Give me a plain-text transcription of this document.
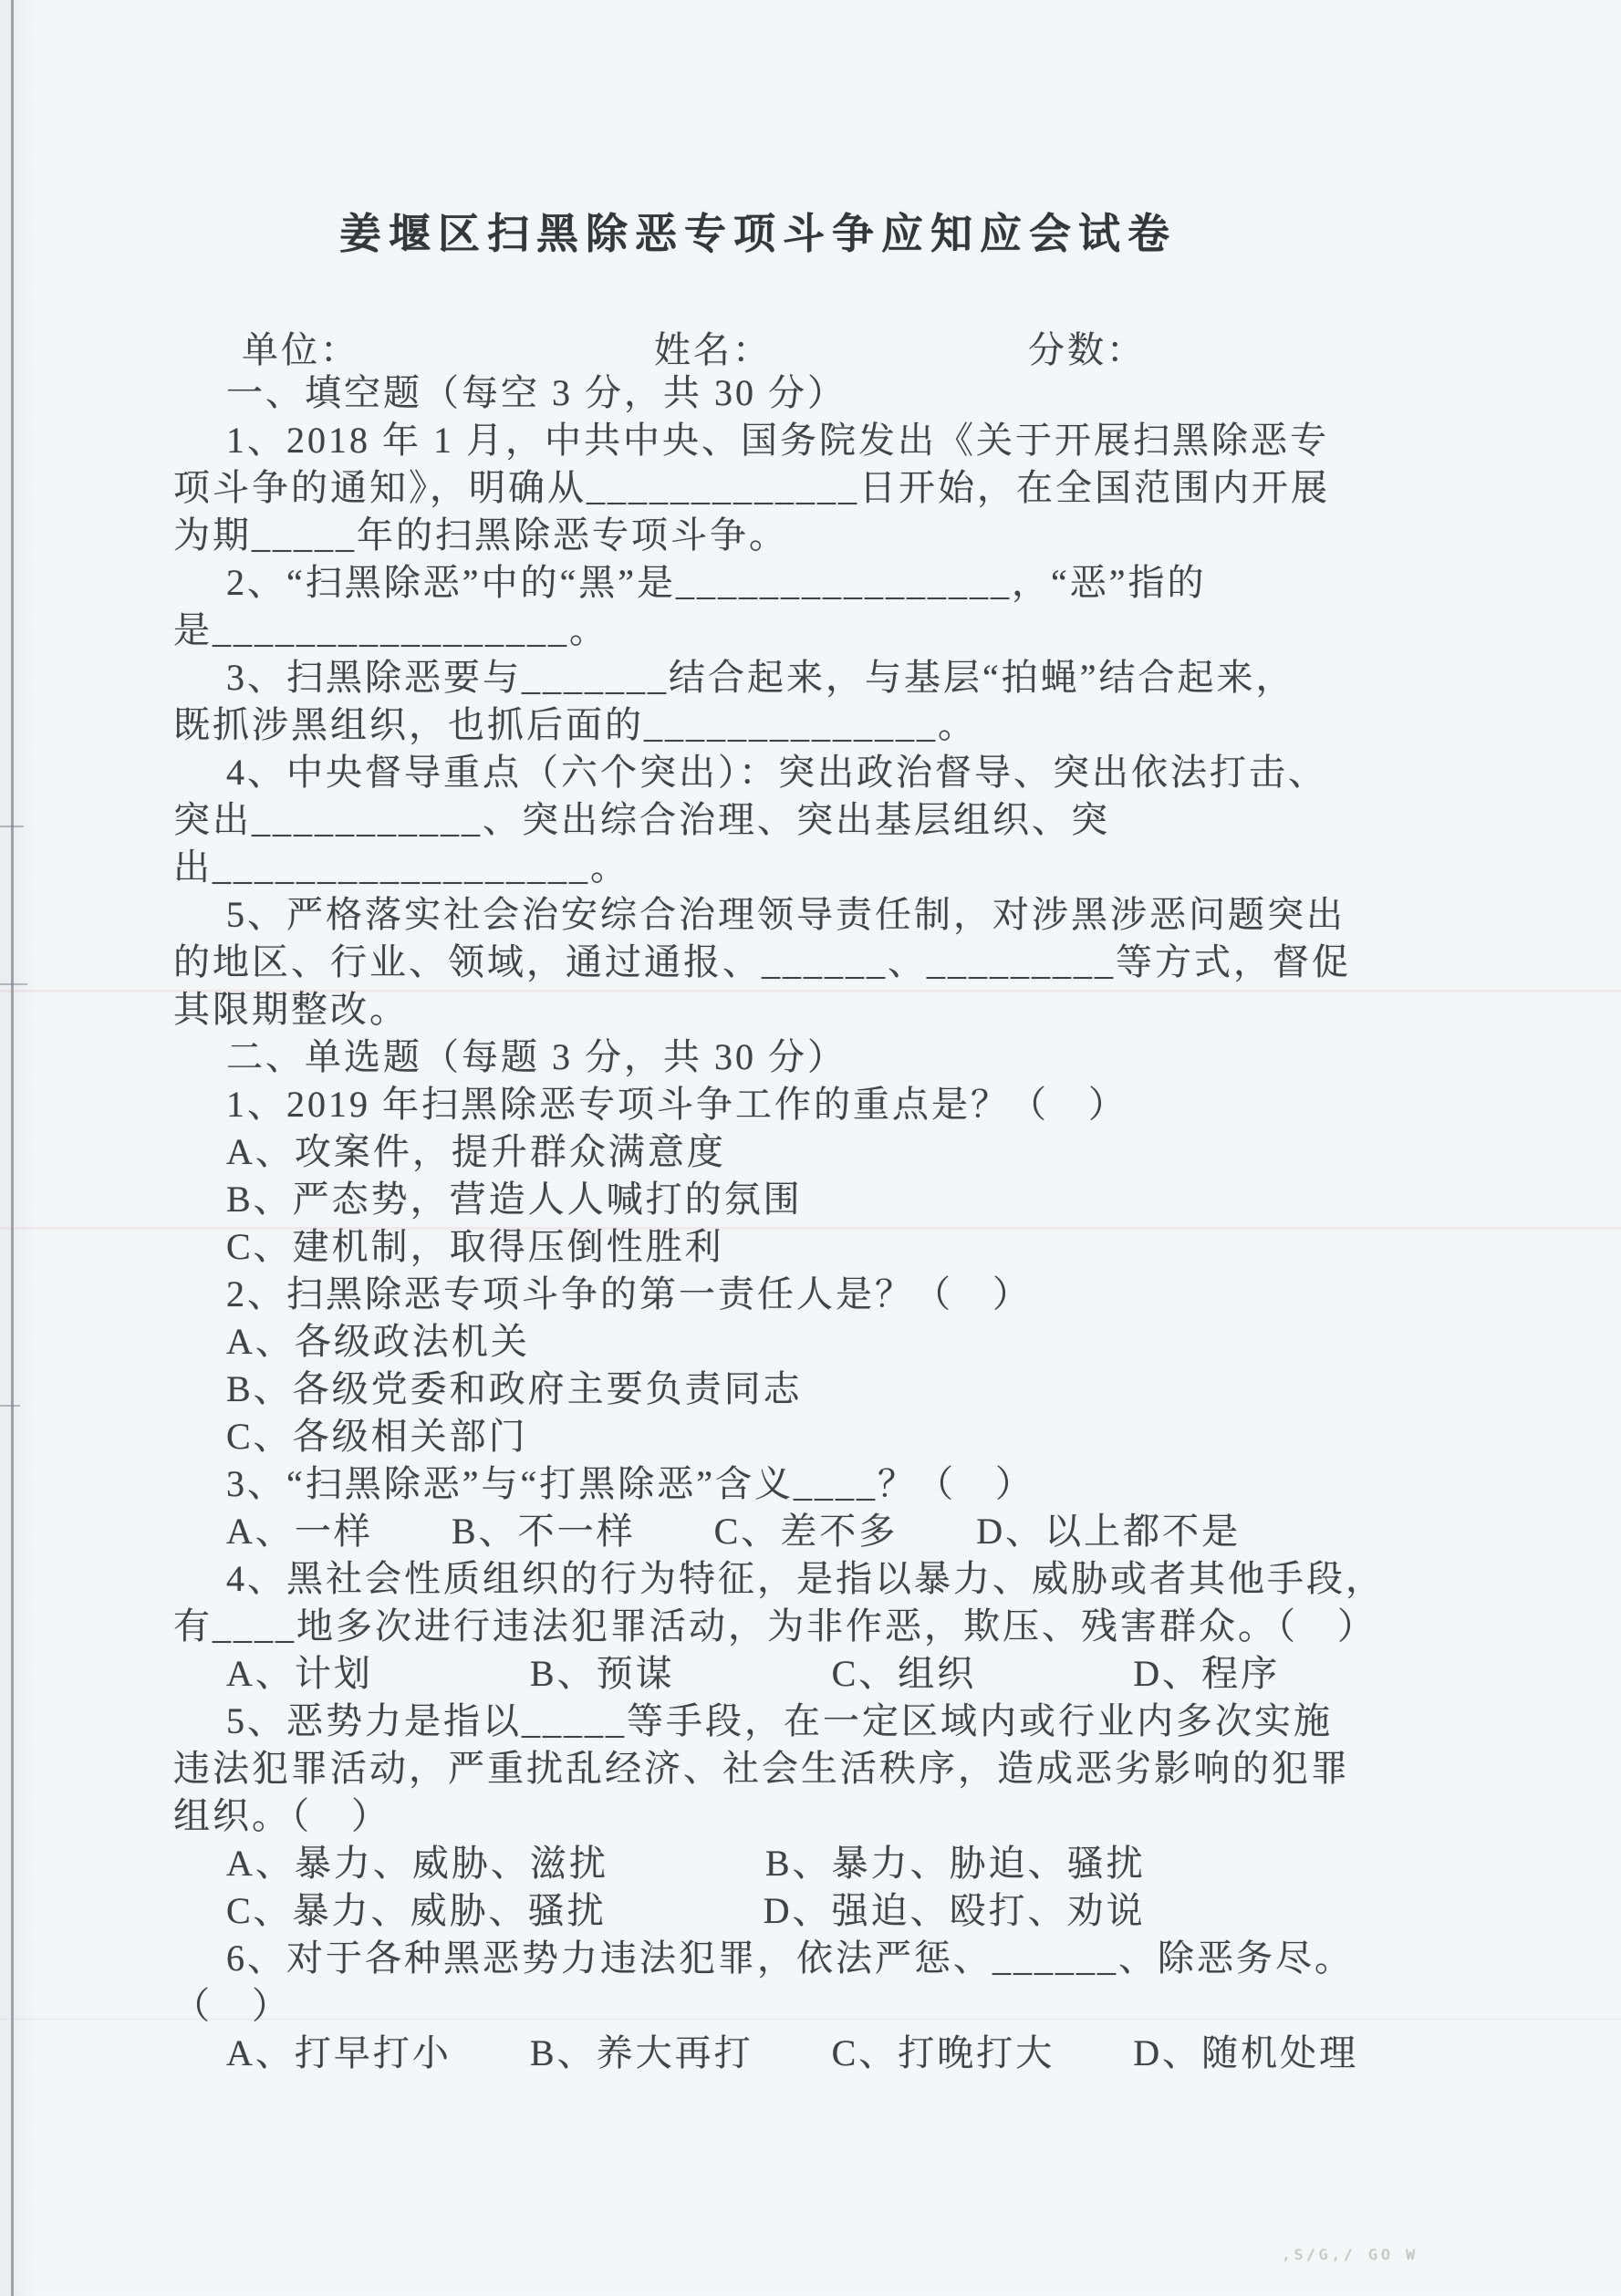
姜堰区扫黑除恶专项斗争应知应会试卷
单位：	姓名：	分数：
一、填空题（每空 3 分，共 30 分）
1、2018 年 1 月，中共中央、国务院发出《关于开展扫黑除恶专
项斗争的通知》，明确从_____________日开始，在全国范围内开展
为期_____年的扫黑除恶专项斗争。
2、“扫黑除恶”中的“黑”是________________，“恶”指的
是_________________。
3、扫黑除恶要与_______结合起来，与基层“拍蝇”结合起来，
既抓涉黑组织，也抓后面的______________。
4、中央督导重点（六个突出）：突出政治督导、突出依法打击、
突出___________、突出综合治理、突出基层组织、突
出__________________。
5、严格落实社会治安综合治理领导责任制，对涉黑涉恶问题突出
的地区、行业、领域，通过通报、______、_________等方式，督促
其限期整改。
二、单选题（每题 3 分，共 30 分）
1、2019 年扫黑除恶专项斗争工作的重点是？（　）
A、攻案件，提升群众满意度
B、严态势，营造人人喊打的氛围
C、建机制，取得压倒性胜利
2、扫黑除恶专项斗争的第一责任人是？（　）
A、各级政法机关
B、各级党委和政府主要负责同志
C、各级相关部门
3、“扫黑除恶”与“打黑除恶”含义____？（　）
A、一样　　B、不一样　　C、差不多　　D、以上都不是
4、黑社会性质组织的行为特征，是指以暴力、威胁或者其他手段，
有____地多次进行违法犯罪活动，为非作恶，欺压、残害群众。（　）
A、计划　　　　B、预谋　　　　C、组织　　　　D、程序
5、恶势力是指以_____等手段，在一定区域内或行业内多次实施
违法犯罪活动，严重扰乱经济、社会生活秩序，造成恶劣影响的犯罪
组织。（　）
A、暴力、威胁、滋扰　　　　B、暴力、胁迫、骚扰
C、暴力、威胁、骚扰　　　　D、强迫、殴打、劝说
6、对于各种黑恶势力违法犯罪，依法严惩、______、除恶务尽。
（　）
A、打早打小　　B、养大再打　　C、打晚打大　　D、随机处理
,S/G,/ GO W
